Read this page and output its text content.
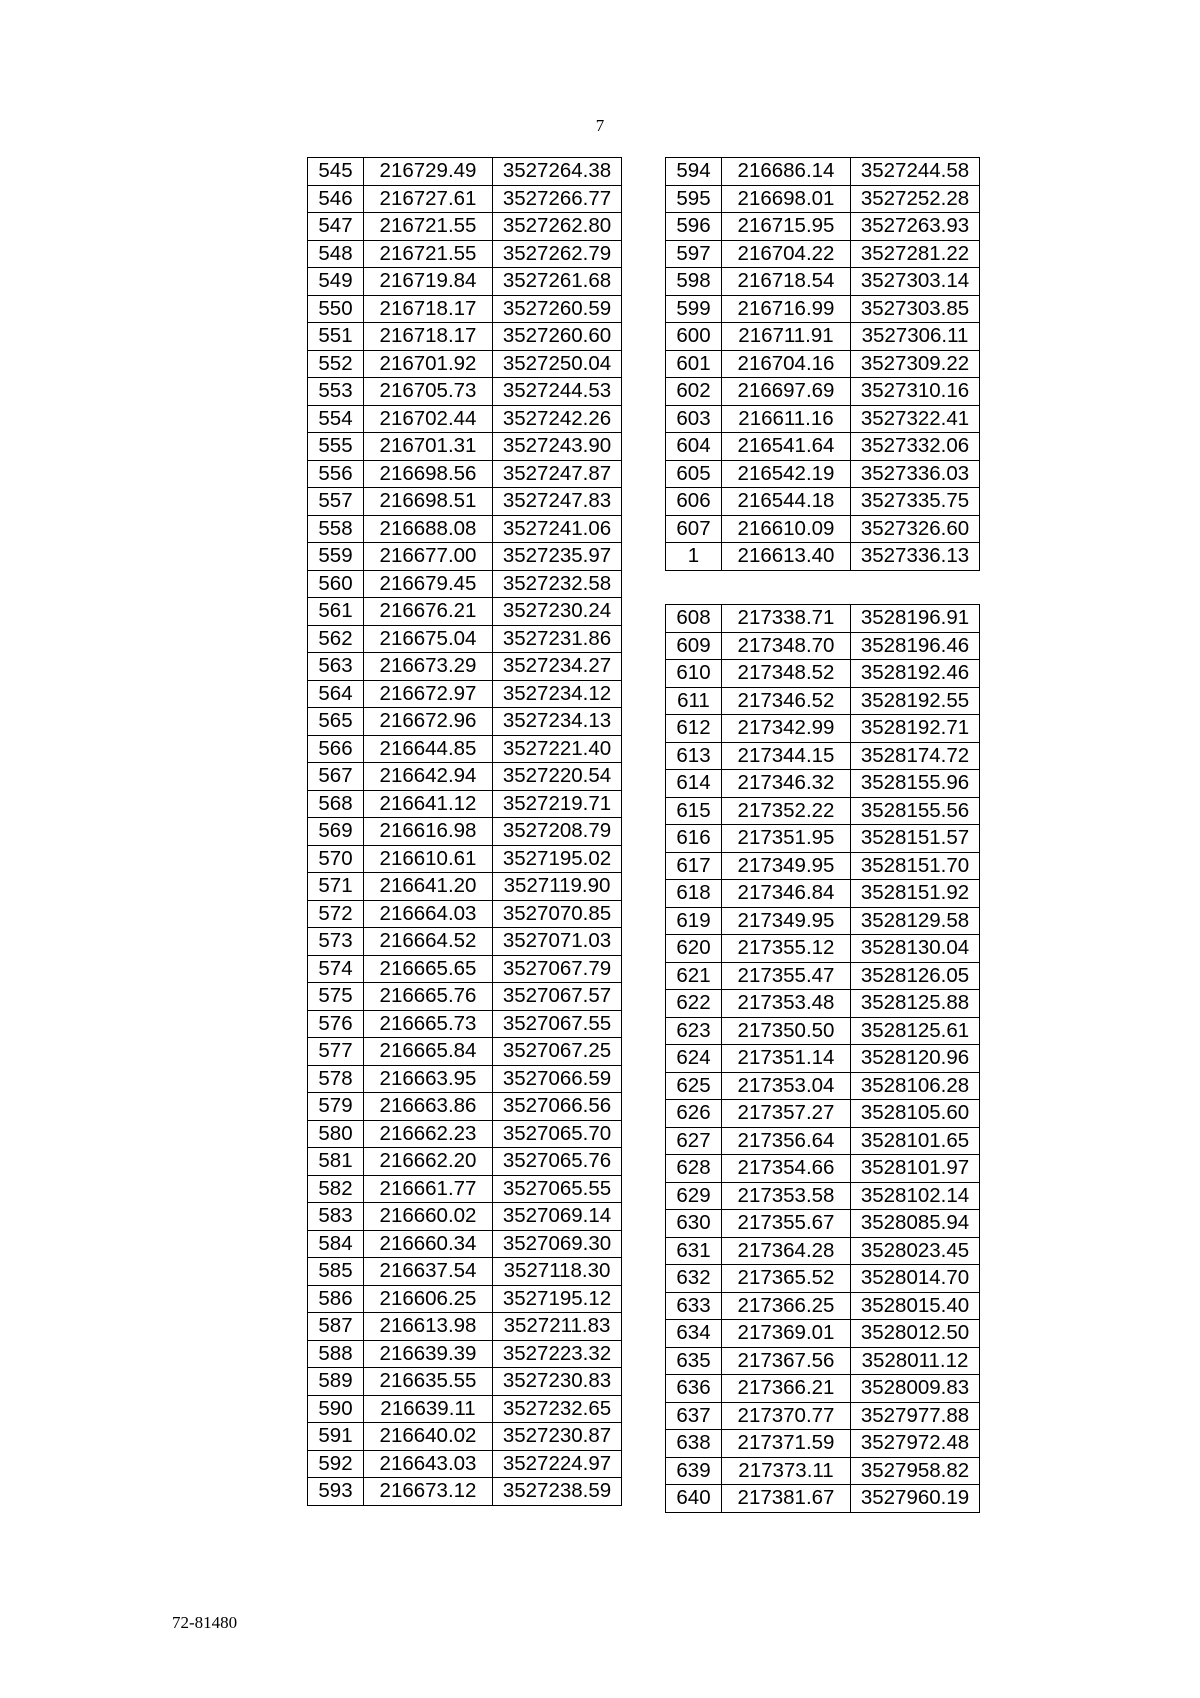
7
545	216729.49	3527264.38
546	216727.61	3527266.77
547	216721.55	3527262.80
548	216721.55	3527262.79
549	216719.84	3527261.68
550	216718.17	3527260.59
551	216718.17	3527260.60
552	216701.92	3527250.04
553	216705.73	3527244.53
554	216702.44	3527242.26
555	216701.31	3527243.90
556	216698.56	3527247.87
557	216698.51	3527247.83
558	216688.08	3527241.06
559	216677.00	3527235.97
560	216679.45	3527232.58
561	216676.21	3527230.24
562	216675.04	3527231.86
563	216673.29	3527234.27
564	216672.97	3527234.12
565	216672.96	3527234.13
566	216644.85	3527221.40
567	216642.94	3527220.54
568	216641.12	3527219.71
569	216616.98	3527208.79
570	216610.61	3527195.02
571	216641.20	3527119.90
572	216664.03	3527070.85
573	216664.52	3527071.03
574	216665.65	3527067.79
575	216665.76	3527067.57
576	216665.73	3527067.55
577	216665.84	3527067.25
578	216663.95	3527066.59
579	216663.86	3527066.56
580	216662.23	3527065.70
581	216662.20	3527065.76
582	216661.77	3527065.55
583	216660.02	3527069.14
584	216660.34	3527069.30
585	216637.54	3527118.30
586	216606.25	3527195.12
587	216613.98	3527211.83
588	216639.39	3527223.32
589	216635.55	3527230.83
590	216639.11	3527232.65
591	216640.02	3527230.87
592	216643.03	3527224.97
593	216673.12	3527238.59
594	216686.14	3527244.58
595	216698.01	3527252.28
596	216715.95	3527263.93
597	216704.22	3527281.22
598	216718.54	3527303.14
599	216716.99	3527303.85
600	216711.91	3527306.11
601	216704.16	3527309.22
602	216697.69	3527310.16
603	216611.16	3527322.41
604	216541.64	3527332.06
605	216542.19	3527336.03
606	216544.18	3527335.75
607	216610.09	3527326.60
1	216613.40	3527336.13
608	217338.71	3528196.91
609	217348.70	3528196.46
610	217348.52	3528192.46
611	217346.52	3528192.55
612	217342.99	3528192.71
613	217344.15	3528174.72
614	217346.32	3528155.96
615	217352.22	3528155.56
616	217351.95	3528151.57
617	217349.95	3528151.70
618	217346.84	3528151.92
619	217349.95	3528129.58
620	217355.12	3528130.04
621	217355.47	3528126.05
622	217353.48	3528125.88
623	217350.50	3528125.61
624	217351.14	3528120.96
625	217353.04	3528106.28
626	217357.27	3528105.60
627	217356.64	3528101.65
628	217354.66	3528101.97
629	217353.58	3528102.14
630	217355.67	3528085.94
631	217364.28	3528023.45
632	217365.52	3528014.70
633	217366.25	3528015.40
634	217369.01	3528012.50
635	217367.56	3528011.12
636	217366.21	3528009.83
637	217370.77	3527977.88
638	217371.59	3527972.48
639	217373.11	3527958.82
640	217381.67	3527960.19
72-81480
